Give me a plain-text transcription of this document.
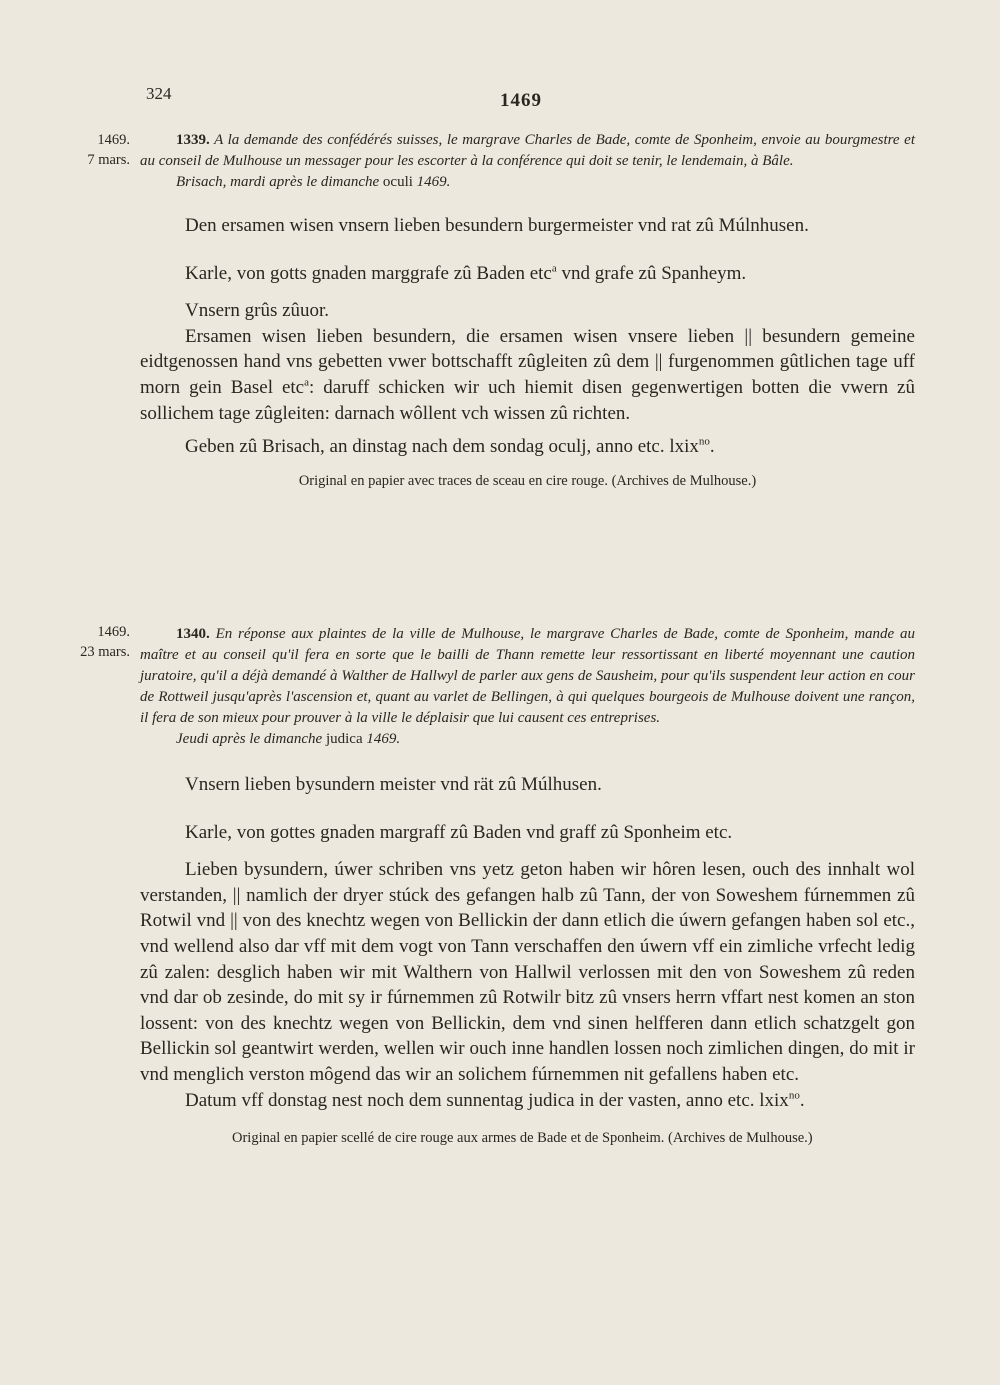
324	1469
1469.
7 mars.
1339. A la demande des confédérés suisses, le margrave Charles de Bade, comte de Sponheim, envoie au bourgmestre et au conseil de Mulhouse un messager pour les escorter à la conférence qui doit se tenir, le lendemain, à Bâle.
Brisach, mardi après le dimanche oculi 1469.

Den ersamen wisen vnsern lieben besundern burgermeister vnd rat zû Múlnhusen.

Karle, von gotts gnaden marggrafe zû Baden etc$^a$ vnd grafe zû Spanheym.

Vnsern grûs zûuor.

Ersamen wisen lieben besundern, die ersamen wisen vnsere lieben || besundern gemeine eidtgenossen hand vns gebetten vwer bottschafft zûgleiten zû dem || furgenommen gûtlichen tage uff morn gein Basel etc$^a$: daruff schicken wir uch hiemit disen gegenwertigen botten die vwern zû sollichem tage zûgleiten: darnach wôllent vch wissen zû richten.

Geben zû Brisach, an dinstag nach dem sondag oculj, anno etc. lxix$^{no}$.

Original en papier avec traces de sceau en cire rouge. (Archives de Mulhouse.)
1469.
23 mars.
1340. En réponse aux plaintes de la ville de Mulhouse, le margrave Charles de Bade, comte de Sponheim, mande au maître et au conseil qu'il fera en sorte que le bailli de Thann remette leur ressortissant en liberté moyennant une caution juratoire, qu'il a déjà demandé à Walther de Hallwyl de parler aux gens de Sausheim, pour qu'ils suspendent leur action en cour de Rottweil jusqu'après l'ascension et, quant au varlet de Bellingen, à qui quelques bourgeois de Mulhouse doivent une rançon, il fera de son mieux pour prouver à la ville le déplaisir que lui causent ces entreprises.
Jeudi après le dimanche judica 1469.

Vnsern lieben bysundern meister vnd rät zû Múlhusen.

Karle, von gottes gnaden margraff zû Baden vnd graff zû Sponheim etc.

Lieben bysundern, úwer schriben vns yetz geton haben wir hôren lesen, ouch des innhalt wol verstanden, || namlich der dryer stúck des gefangen halb zû Tann, der von Soweshem fúrnemmen zû Rotwil vnd || von des knechtz wegen von Bellickin der dann etlich die úwern gefangen haben sol etc., vnd wellend also dar vff mit dem vogt von Tann verschaffen den úwern vff ein zimliche vrfecht ledig zû zalen: desglich haben wir mit Walthern von Hallwil verlossen mit den von Soweshem zû reden vnd dar ob zesinde, do mit sy ir fúrnemmen zû Rotwilr bitz zû vnsers herrn vffart nest komen an ston lossent: von des knechtz wegen von Bellickin, dem vnd sinen helfferen dann etlich schatzgelt gon Bellickin sol geantwirt werden, wellen wir ouch inne handlen lossen noch zimlichen dingen, do mit ir vnd menglich verston môgend das wir an solichem fúrnemmen nit gefallens haben etc.

Datum vff donstag nest noch dem sunnentag judica in der vasten, anno etc. lxix$^{no}$.

Original en papier scellé de cire rouge aux armes de Bade et de Sponheim. (Archives de Mulhouse.)
